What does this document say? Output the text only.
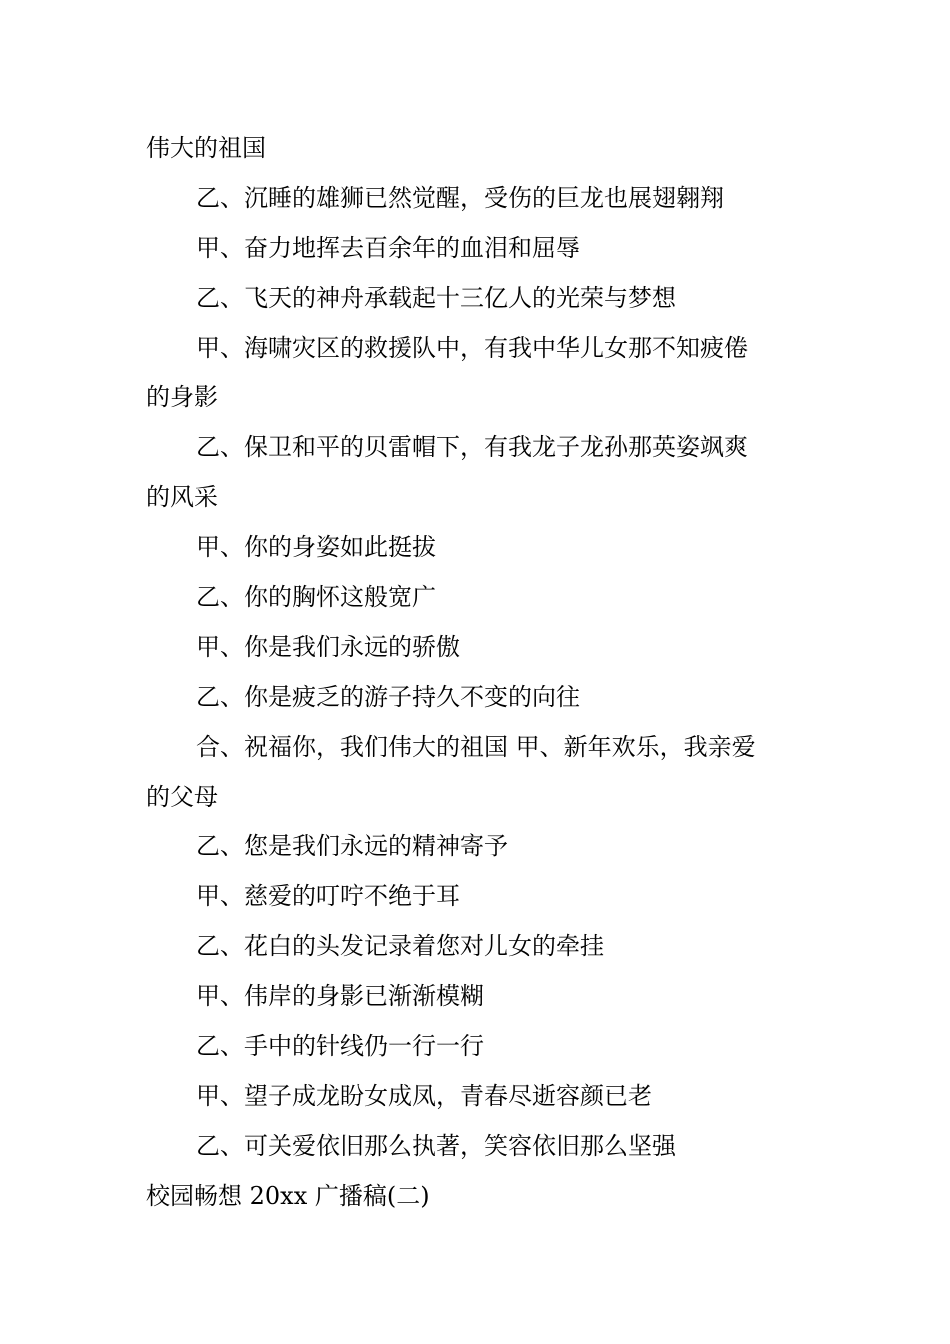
伟大的祖国
乙、沉睡的雄狮已然觉醒，受伤的巨龙也展翅翱翔
甲、奋力地挥去百余年的血泪和屈辱
乙、飞天的神舟承载起十三亿人的光荣与梦想
甲、海啸灾区的救援队中，有我中华儿女那不知疲倦
的身影
乙、保卫和平的贝雷帽下，有我龙子龙孙那英姿飒爽
的风采
甲、你的身姿如此挺拔
乙、你的胸怀这般宽广
甲、你是我们永远的骄傲
乙、你是疲乏的游子持久不变的向往
合、祝福你，我们伟大的祖国 甲、新年欢乐，我亲爱
的父母
乙、您是我们永远的精神寄予
甲、慈爱的叮咛不绝于耳
乙、花白的头发记录着您对儿女的牵挂
甲、伟岸的身影已渐渐模糊
乙、手中的针线仍一行一行
甲、望子成龙盼女成凤，青春尽逝容颜已老
乙、可关爱依旧那么执著，笑容依旧那么坚强
校园畅想 20xx 广播稿(二)
